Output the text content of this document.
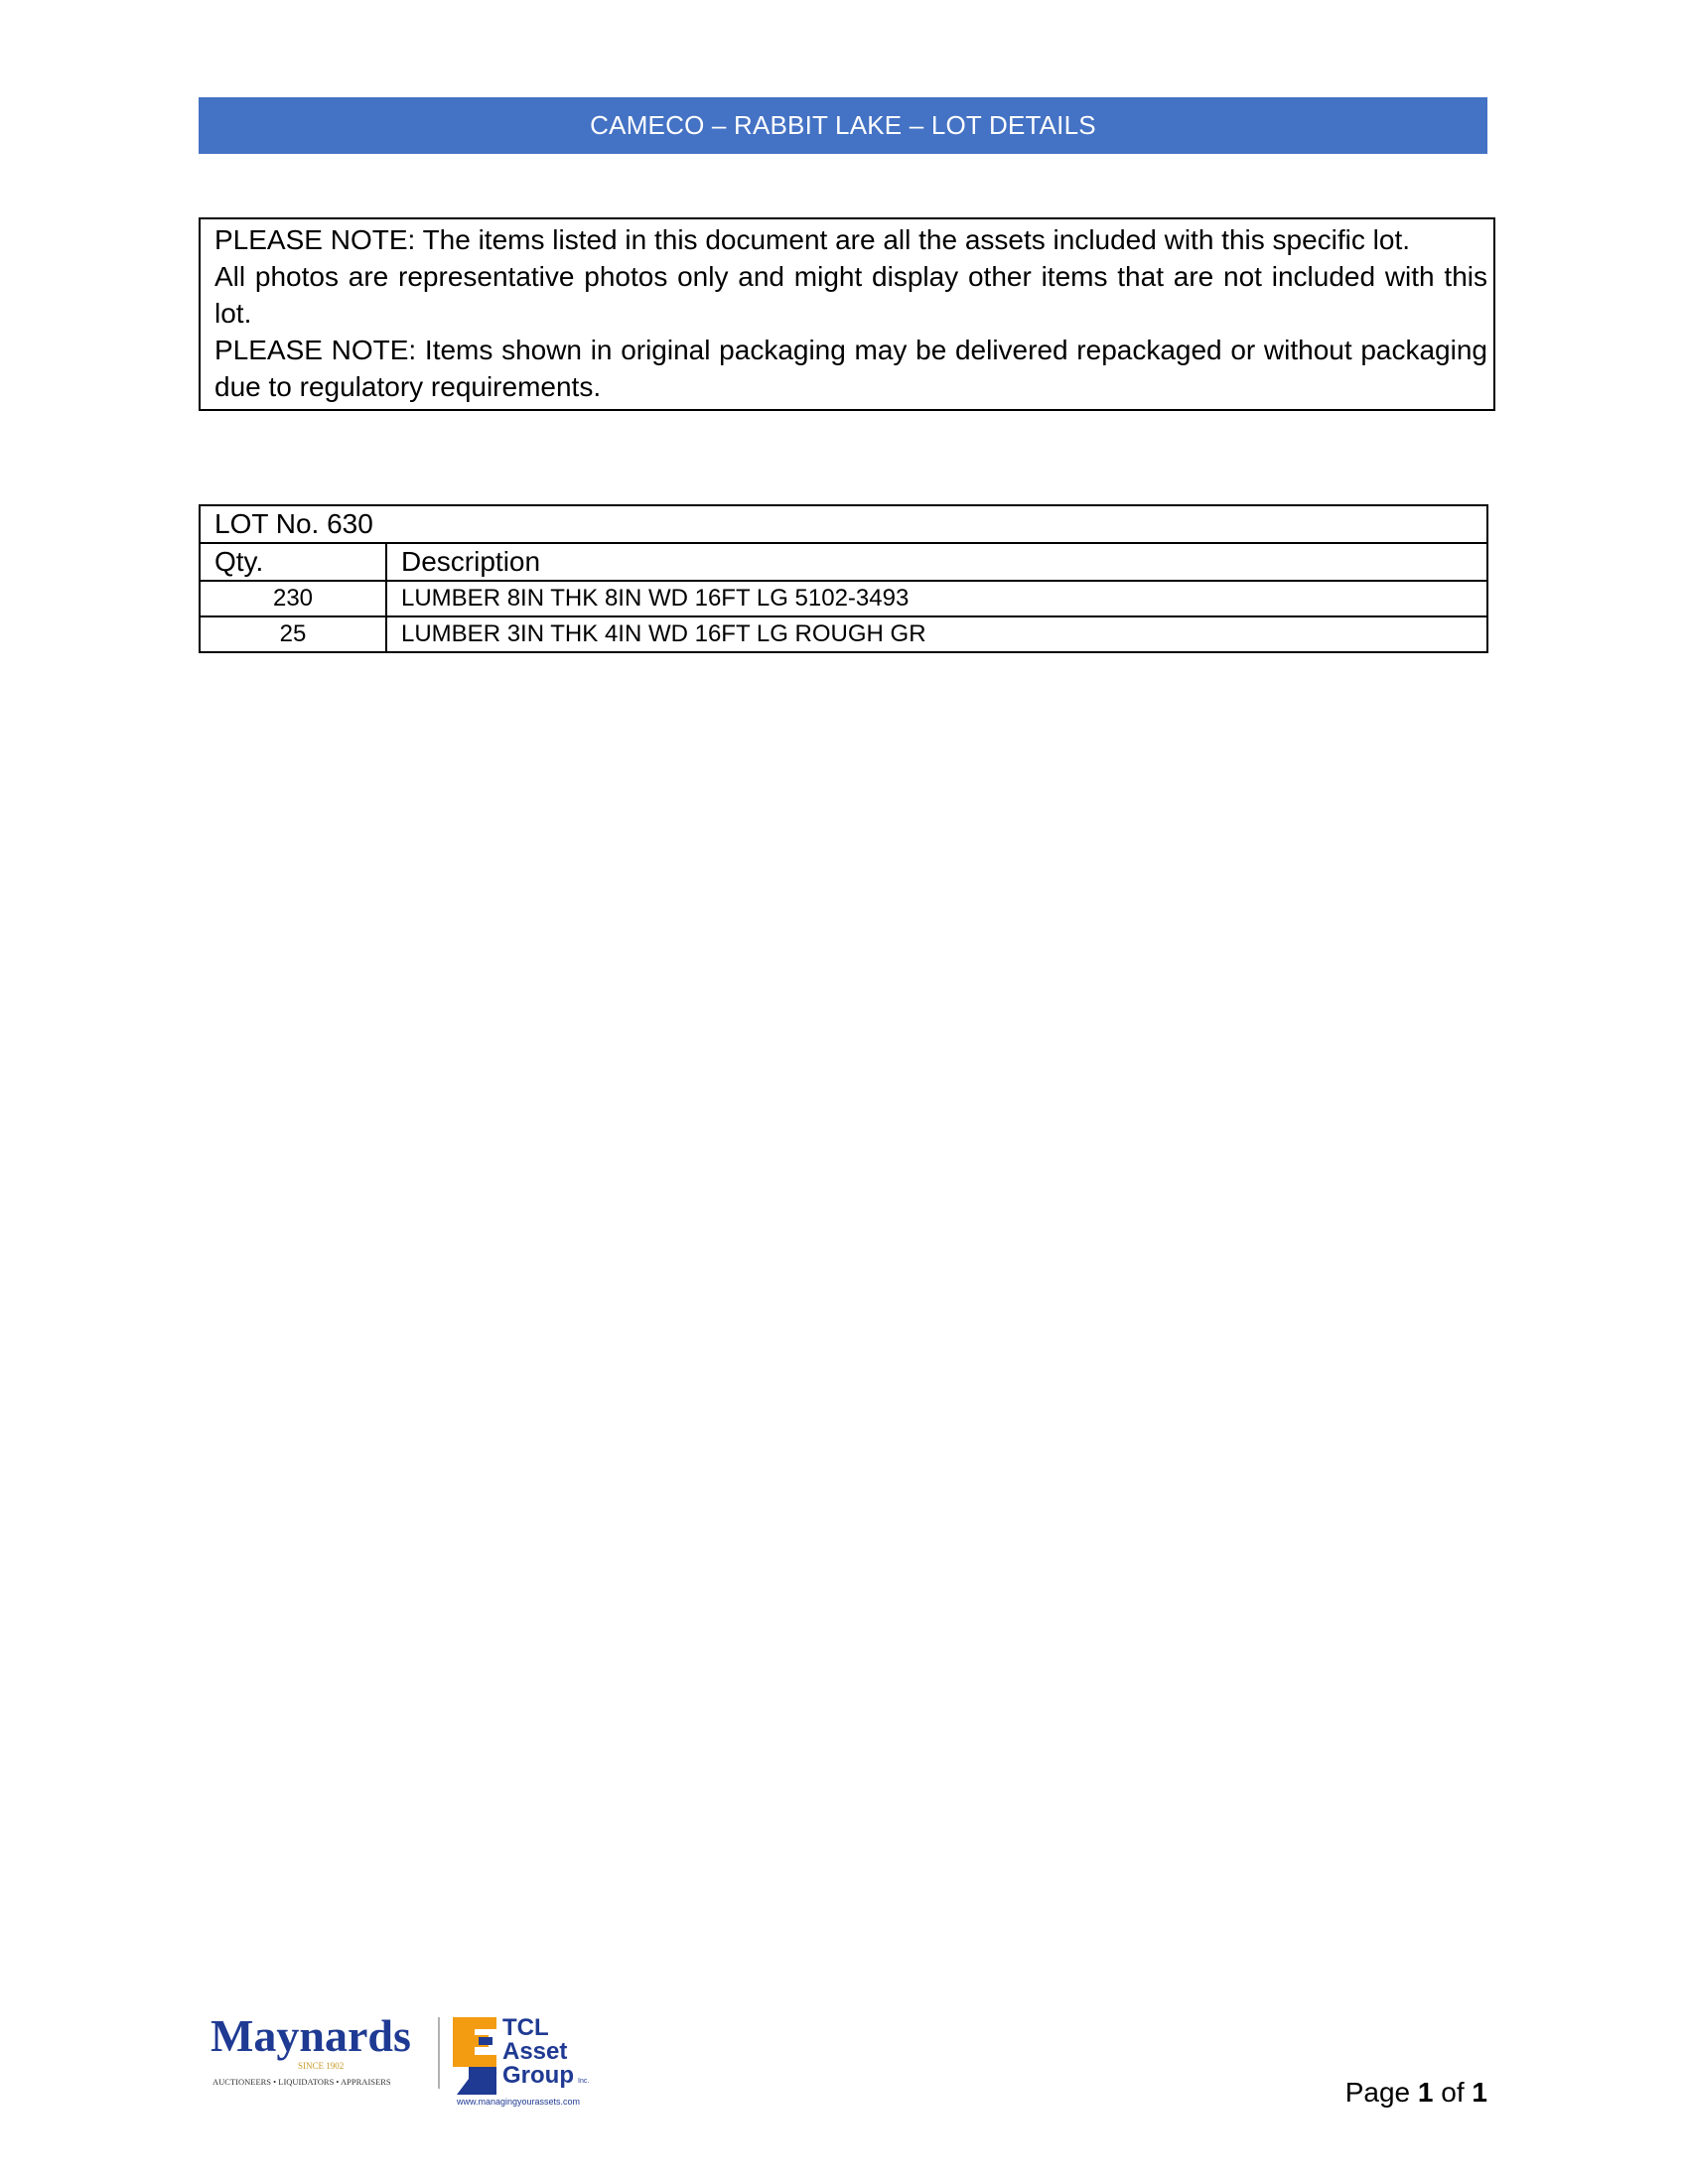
CAMECO – RABBIT LAKE – LOT DETAILS

PLEASE NOTE: The items listed in this document are all the assets included with this specific lot.

All photos are representative photos only and might display other items that are not included with this lot.

PLEASE NOTE: Items shown in original packaging may be delivered repackaged or without packaging due to regulatory requirements.

LOT No. 630	
Qty.	Description
230	LUMBER 8IN THK 8IN WD 16FT LG 5102-3493
25	LUMBER 3IN THK 4IN WD 16FT LG ROUGH GR
Maynards
SINCE 1902
AUCTIONEERS • LIQUIDATORS • APPRAISERS
TCL
Asset
Group Inc.
www.managingyourassets.com	Page 1 of 1
